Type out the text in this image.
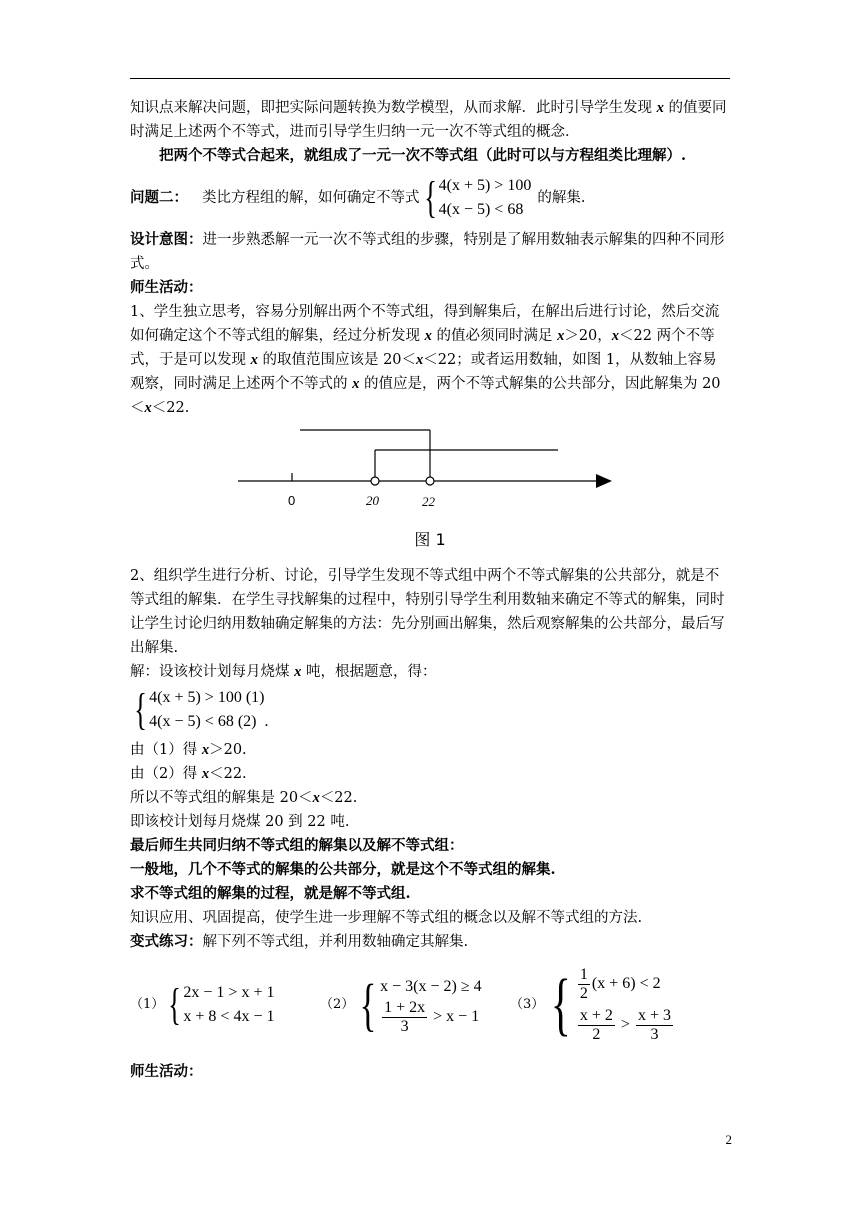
知识点来解决问题，即把实际问题转换为数学模型，从而求解．此时引导学生发现 x 的值要同时满足上述两个不等式，进而引导学生归纳一元一次不等式组的概念．

把两个不等式合起来，就组成了一元一次不等式组（此时可以与方程组类比理解）.

问题二： 类比方程组的解，如何确定不等式 { 4(x + 5) > 100
4(x − 5) < 68
的解集.

设计意图：进一步熟悉解一元一次不等式组的步骤，特别是了解用数轴表示解集的四种不同形式。

师生活动：

1、学生独立思考，容易分别解出两个不等式组，得到解集后，在解出后进行讨论，然后交流如何确定这个不等式组的解集，经过分析发现 x 的值必须同时满足 x＞20，x＜22 两个不等式，于是可以发现 x 的取值范围应该是 20＜x＜22；或者运用数轴，如图 1，从数轴上容易观察，同时满足上述两个不等式的 x 的值应是，两个不等式解集的公共部分，因此解集为 20＜x＜22.

0	20	22
图 1

2、组织学生进行分析、讨论，引导学生发现不等式组中两个不等式解集的公共部分，就是不等式组的解集．在学生寻找解集的过程中，特别引导学生利用数轴来确定不等式的解集，同时让学生讨论归纳用数轴确定解集的方法：先分别画出解集，然后观察解集的公共部分，最后写出解集.

解：设该校计划每月烧煤 x 吨，根据题意，得：

{ 4(x + 5) > 100 (1)
4(x − 5) < 68 (2) .

由（1）得 x＞20.

由（2）得 x＜22.

所以不等式组的解集是 20＜x＜22.

即该校计划每月烧煤 20 到 22 吨.

最后师生共同归纳不等式组的解集以及解不等式组：

一般地，几个不等式的解集的公共部分，就是这个不等式组的解集.

求不等式组的解集的过程，就是解不等式组.

知识应用、巩固提高，使学生进一步理解不等式组的概念以及解不等式组的方法.

变式练习：解下列不等式组，并利用数轴确定其解集.

（1） { 2x − 1 > x + 1
x + 8 < 4x − 1
（2） { x − 3(x − 2) ≥ 4
$\frac{1 + 2x}{3} > x - 1$
（3） { $\frac{1}{2} (x + 6) < 2$
$\frac{x + 2}{2} > \frac{x + 3}{3}$

师生活动：

2
